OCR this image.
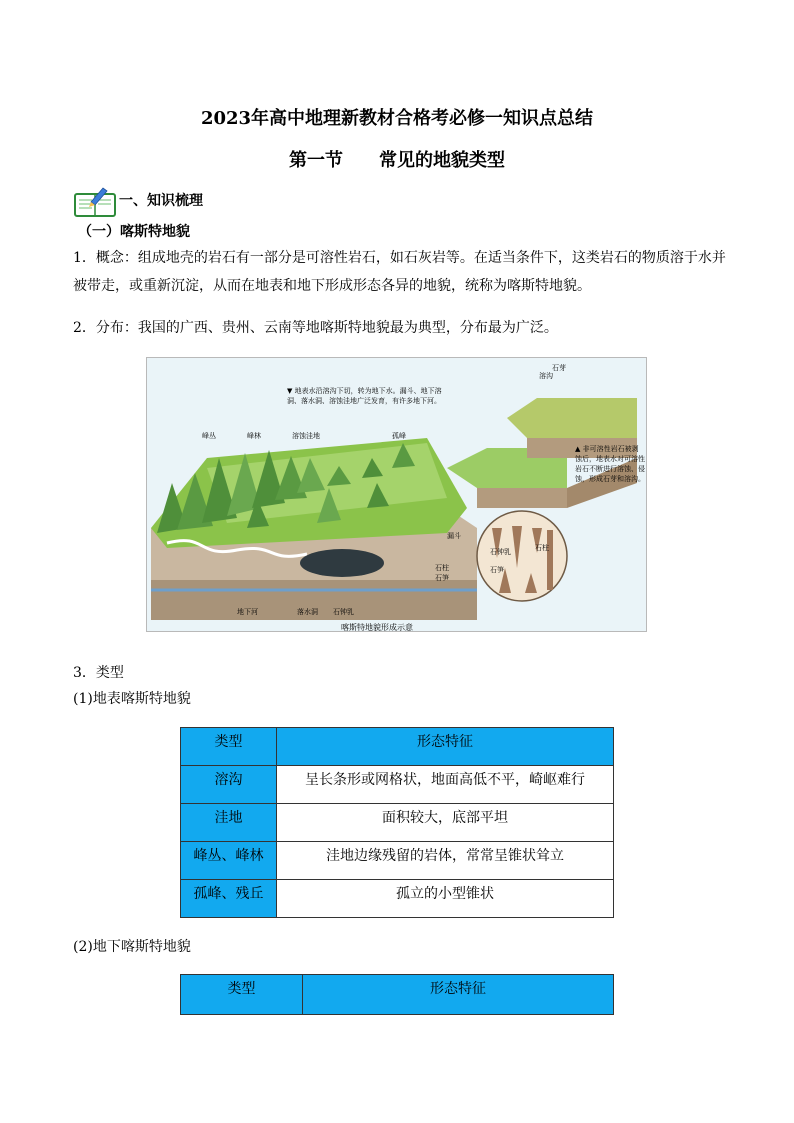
2023年高中地理新教材合格考必修一知识点总结
第一节　　常见的地貌类型
一、知识梳理
（一）喀斯特地貌
1．概念：组成地壳的岩石有一部分是可溶性岩石，如石灰岩等。在适当条件下，这类岩石的物质溶于水并被带走，或重新沉淀，从而在地表和地下形成形态各异的地貌，统称为喀斯特地貌。
2．分布：我国的广西、贵州、云南等地喀斯特地貌最为典型，分布最为广泛。
峰丛	峰林	溶蚀洼地	孤峰
石芽
溶沟
漏斗
石柱
石笋
地下河	落水洞 石钟乳
石钟乳
石笋
石柱
▼ 地表水沿溶沟下切，转为地下水。漏斗、地下溶洞、落水洞、溶蚀洼地广泛发育，有许多地下河。
▲ 非可溶性岩石被剥蚀后，地表水对可溶性岩石不断进行溶蚀、侵蚀，形成石芽和溶沟。
喀斯特地貌形成示意
3．类型
(1)地表喀斯特地貌
类型	形态特征
溶沟	呈长条形或网格状，地面高低不平，崎岖难行
洼地	面积较大，底部平坦
峰丛、峰林	洼地边缘残留的岩体，常常呈锥状耸立
孤峰、残丘	孤立的小型锥状
(2)地下喀斯特地貌
类型	形态特征
